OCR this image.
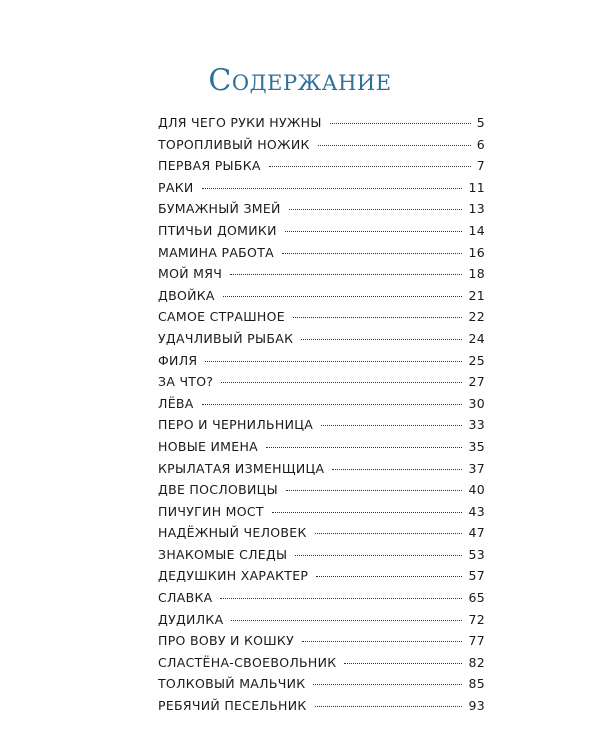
Содержание
ДЛЯ ЧЕГО РУКИ НУЖНЫ	5
ТОРОПЛИВЫЙ НОЖИК	6
ПЕРВАЯ РЫБКА	7
РАКИ	11
БУМАЖНЫЙ ЗМЕЙ	13
ПТИЧЬИ ДОМИКИ	14
МАМИНА РАБОТА	16
МОЙ МЯЧ	18
ДВОЙКА	21
САМОЕ СТРАШНОЕ	22
УДАЧЛИВЫЙ РЫБАК	24
ФИЛЯ	25
ЗА ЧТО?	27
ЛЁВА	30
ПЕРО И ЧЕРНИЛЬНИЦА	33
НОВЫЕ ИМЕНА	35
КРЫЛАТАЯ ИЗМЕНЩИЦА	37
ДВЕ ПОСЛОВИЦЫ	40
ПИЧУГИН МОСТ	43
НАДЁЖНЫЙ ЧЕЛОВЕК	47
ЗНАКОМЫЕ СЛЕДЫ	53
ДЕДУШКИН ХАРАКТЕР	57
СЛАВКА	65
ДУДИЛКА	72
ПРО ВОВУ И КОШКУ	77
СЛАСТЁНА-СВОЕВОЛЬНИК	82
ТОЛКОВЫЙ МАЛЬЧИК	85
РЕБЯЧИЙ ПЕСЕЛЬНИК	93
